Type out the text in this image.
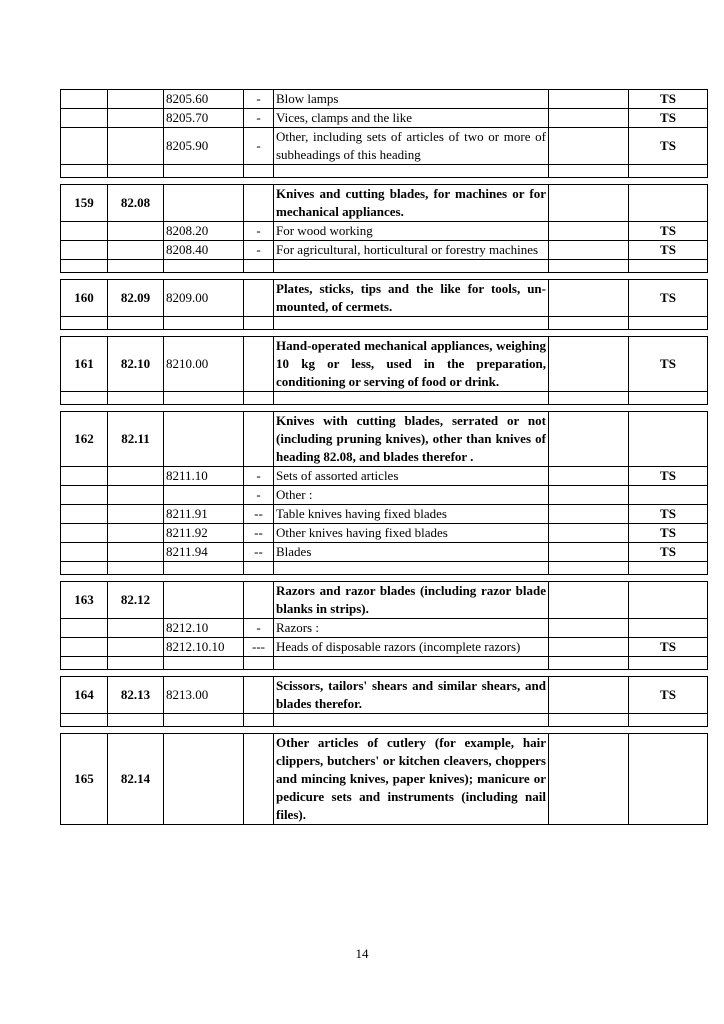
		8205.60	-	Blow lamps		TS
		8205.70	-	Vices, clamps and the like		TS
		8205.90	-	Other, including sets of articles of two or more of subheadings of this heading		TS

159	82.08			Knives and cutting blades, for machines or for mechanical appliances.		
		8208.20	-	For wood working		TS
		8208.40	-	For agricultural, horticultural or forestry machines		TS

160	82.09	8209.00		Plates, sticks, tips and the like for tools, un-mounted, of cermets.		TS

161	82.10	8210.00		Hand-operated mechanical appliances, weighing 10 kg or less, used in the preparation, conditioning or serving of food or drink.		TS

162	82.11			Knives with cutting blades, serrated or not (including pruning knives), other than knives of heading 82.08, and blades therefor .		
		8211.10	-	Sets of assorted articles		TS
			-	Other :		
		8211.91	--	Table knives having fixed blades		TS
		8211.92	--	Other knives having fixed blades		TS
		8211.94	--	Blades		TS

163	82.12			Razors and razor blades (including razor blade blanks in strips).		
		8212.10	-	Razors :		
		8212.10.10	---	Heads of disposable razors (incomplete razors)		TS

164	82.13	8213.00		Scissors, tailors' shears and similar shears, and blades therefor.		TS

165	82.14			Other articles of cutlery (for example, hair clippers, butchers' or kitchen cleavers, choppers and mincing knives, paper knives); manicure or pedicure sets and instruments (including nail files).		
14
